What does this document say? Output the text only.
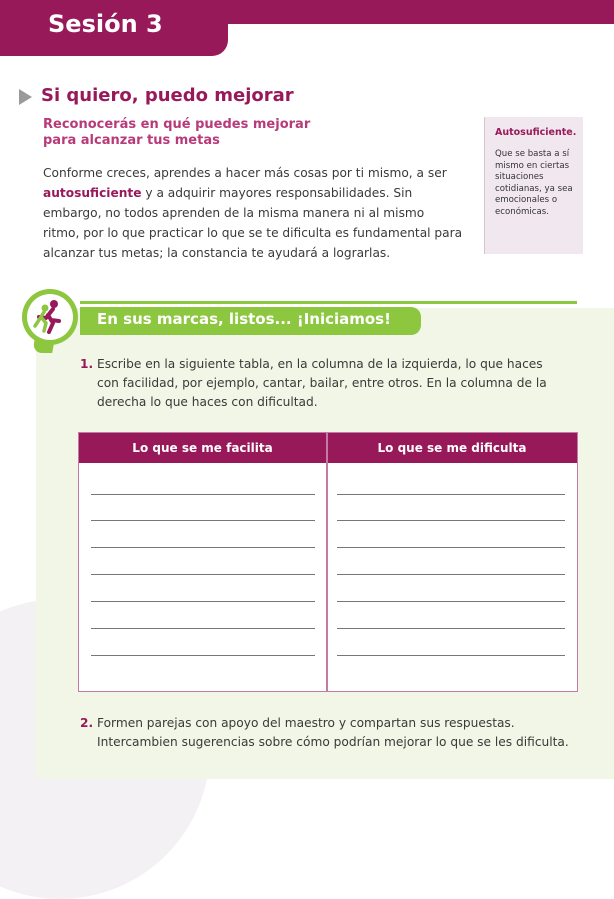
Sesión 3
Si quiero, puedo mejorar
Reconocerás en qué puedes mejorar
para alcanzar tus metas
Conforme creces, aprendes a hacer más cosas por ti mismo, a ser autosuficiente y a adquirir mayores responsabilidades. Sin embargo, no todos aprenden de la misma manera ni al mismo ritmo, por lo que practicar lo que se te dificulta es fundamental para alcanzar tus metas; la constancia te ayudará a lograrlas.
Autosuficiente.
Que se basta a sí mismo en ciertas situaciones cotidianas, ya sea emocionales o económicas.
En sus marcas, listos... ¡Iniciamos!
1. Escribe en la siguiente tabla, en la columna de la izquierda, lo que haces con facilidad, por ejemplo, cantar, bailar, entre otros. En la columna de la derecha lo que haces con dificultad.
Lo que se me facilita	Lo que se me dificulta
2. Formen parejas con apoyo del maestro y compartan sus respuestas. Intercambien sugerencias sobre cómo podrían mejorar lo que se les dificulta.
